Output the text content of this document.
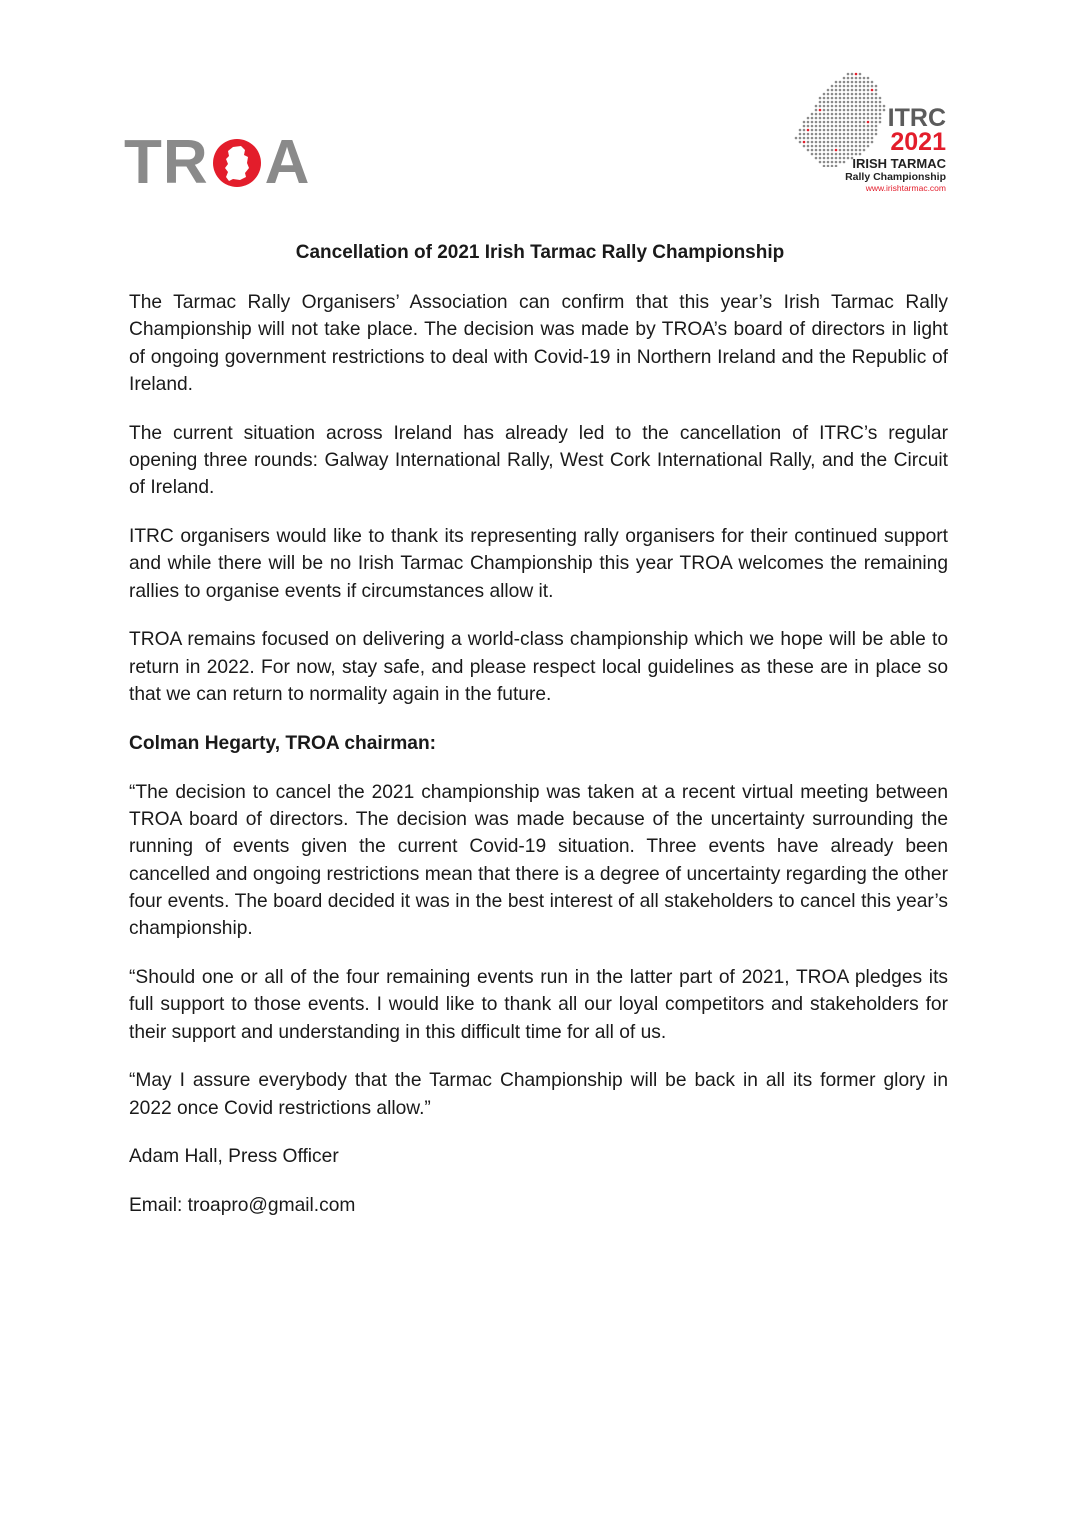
TR A
ITRC
2021
IRISH TARMAC
Rally Championship
www.irishtarmac.com
Cancellation of 2021 Irish Tarmac Rally Championship

The Tarmac Rally Organisers’ Association can confirm that this year’s Irish Tarmac Rally Championship will not take place. The decision was made by TROA’s board of directors in light of ongoing government restrictions to deal with Covid-19 in Northern Ireland and the Republic of Ireland.

The current situation across Ireland has already led to the cancellation of ITRC’s regular opening three rounds: Galway International Rally, West Cork International Rally, and the Circuit of Ireland.

ITRC organisers would like to thank its representing rally organisers for their continued support and while there will be no Irish Tarmac Championship this year TROA welcomes the remaining rallies to organise events if circumstances allow it.

TROA remains focused on delivering a world-class championship which we hope will be able to return in 2022. For now, stay safe, and please respect local guidelines as these are in place so that we can return to normality again in the future.

Colman Hegarty, TROA chairman:

“The decision to cancel the 2021 championship was taken at a recent virtual meeting between TROA board of directors. The decision was made because of the uncertainty surrounding the running of events given the current Covid-19 situation. Three events have already been cancelled and ongoing restrictions mean that there is a degree of uncertainty regarding the other four events. The board decided it was in the best interest of all stakeholders to cancel this year’s championship.

“Should one or all of the four remaining events run in the latter part of 2021, TROA pledges its full support to those events. I would like to thank all our loyal competitors and stakeholders for their support and understanding in this difficult time for all of us.

“May I assure everybody that the Tarmac Championship will be back in all its former glory in 2022 once Covid restrictions allow.”

Adam Hall, Press Officer

Email: troapro@gmail.com
